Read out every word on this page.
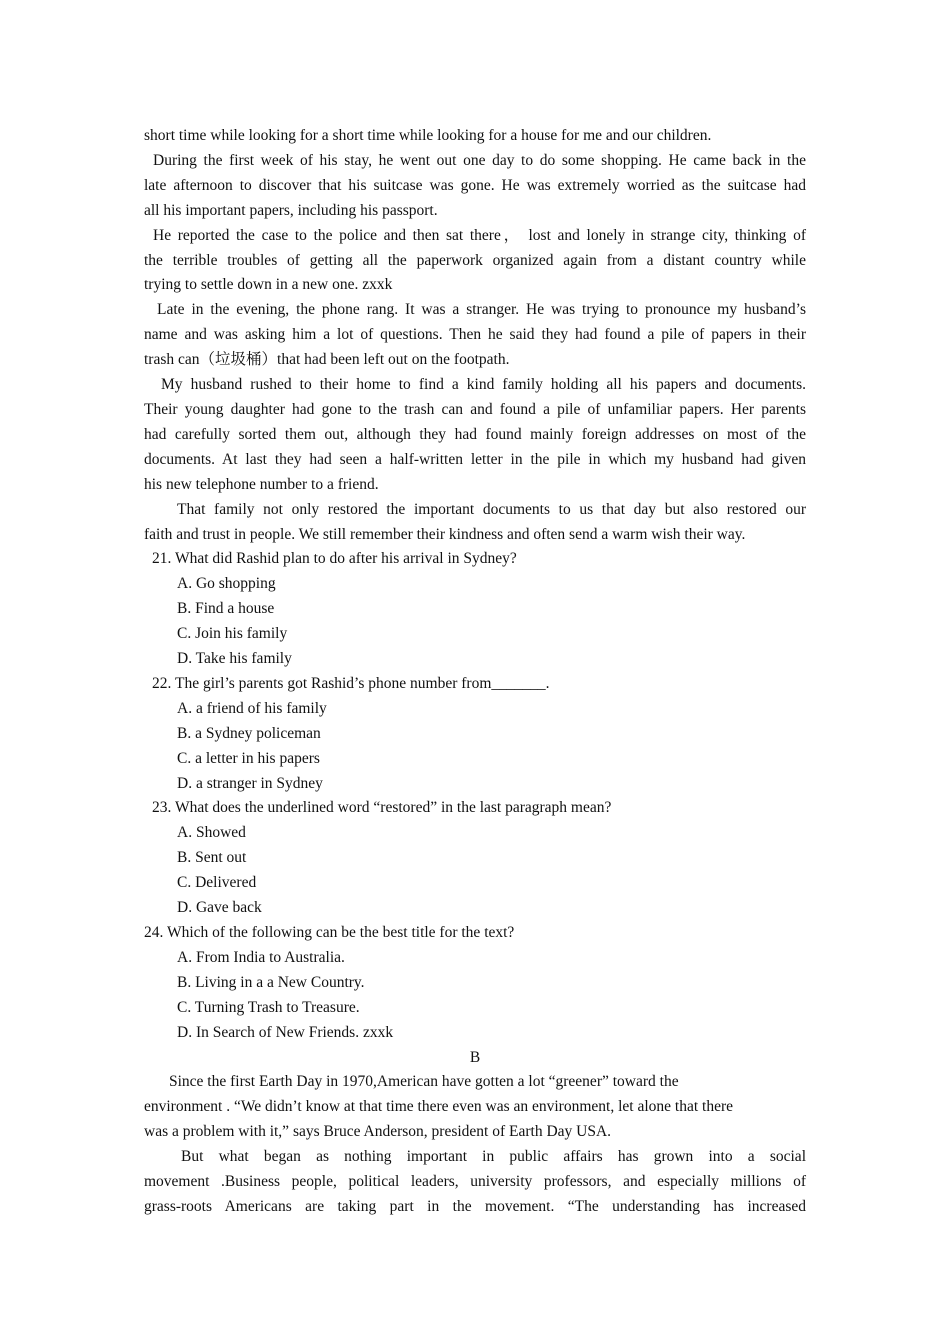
short time while looking for a short time while looking for a house for me and our children.
During the first week of his stay, he went out one day to do some shopping. He came back in the
late afternoon to discover that his suitcase was gone. He was extremely worried as the suitcase had
all his important papers, including his passport.
He reported the case to the police and then sat there， lost and lonely in strange city, thinking of
the terrible troubles of getting all the paperwork organized again from a distant country while
trying to settle down in a new one. zxxk
Late in the evening, the phone rang. It was a stranger. He was trying to pronounce my husband’s
name and was asking him a lot of questions. Then he said they had found a pile of papers in their
trash can（垃圾桶）that had been left out on the footpath.
My husband rushed to their home to find a kind family holding all his papers and documents.
Their young daughter had gone to the trash can and found a pile of unfamiliar papers. Her parents
had carefully sorted them out, although they had found mainly foreign addresses on most of the
documents. At last they had seen a half-written letter in the pile in which my husband had given
his new telephone number to a friend.
That family not only restored the important documents to us that day but also restored our
faith and trust in people. We still remember their kindness and often send a warm wish their way.
21. What did Rashid plan to do after his arrival in Sydney?
A. Go shopping
B. Find a house
C. Join his family
D. Take his family
22. The girl’s parents got Rashid’s phone number from_______.
A. a friend of his family
B. a Sydney policeman
C. a letter in his papers
D. a stranger in Sydney
23. What does the underlined word “restored” in the last paragraph mean?
A. Showed
B. Sent out
C. Delivered
D. Gave back
24. Which of the following can be the best title for the text?
A. From India to Australia.
B. Living in a a New Country.
C. Turning Trash to Treasure.
D. In Search of New Friends. zxxk
B
Since the first Earth Day in 1970,American have gotten a lot “greener” toward the
environment . “We didn’t know at that time there even was an environment, let alone that there
was a problem with it,” says Bruce Anderson, president of Earth Day USA.
But what began as nothing important in public affairs has grown into a social
movement .Business people, political leaders, university professors, and especially millions of
grass-roots Americans are taking part in the movement. “The understanding has increased
